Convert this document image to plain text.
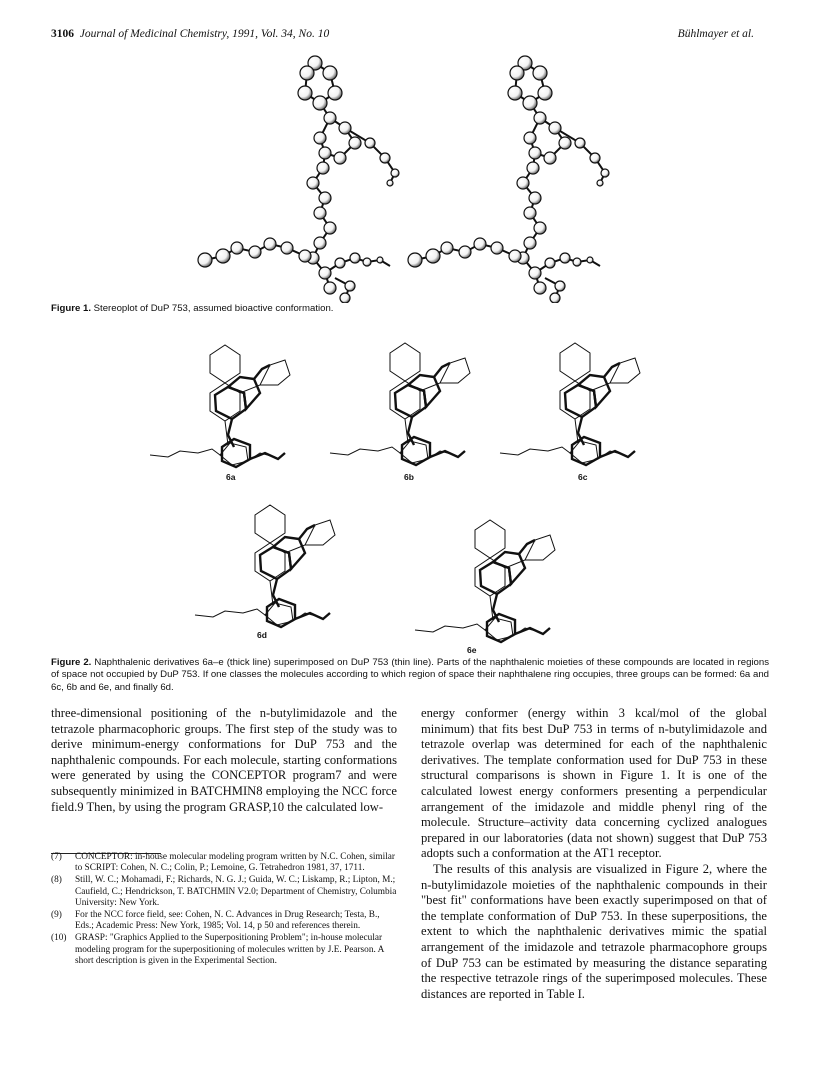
3106 Journal of Medicinal Chemistry, 1991, Vol. 34, No. 10	Bühlmayer et al.
Figure 1. Stereoplot of DuP 753, assumed bioactive conformation.
6a	6b	6c
6d
6e
Figure 2. Naphthalenic derivatives 6a–e (thick line) superimposed on DuP 753 (thin line). Parts of the naphthalenic moieties of these compounds are located in regions of space not occupied by DuP 753. If one classes the molecules according to which region of space their naphthalene ring occupies, three groups can be formed: 6a and 6c, 6b and 6e, and finally 6d.

three-dimensional positioning of the n-butylimidazole and the tetrazole pharmacophoric groups. The first step of the study was to derive minimum-energy conformations for DuP 753 and the naphthalenic compounds. For each molecule, starting conformations were generated by using the CONCEPTOR program7 and were subsequently minimized in BATCHMIN8 employing the NCC force field.9 Then, by using the program GRASP,10 the calculated low-

(7)	CONCEPTOR: in-house molecular modeling program written by N.C. Cohen, similar to SCRIPT: Cohen, N. C.; Colin, P.; Lemoine, G. Tetrahedron 1981, 37, 1711.
(8)	Still, W. C.; Mohamadi, F.; Richards, N. G. J.; Guida, W. C.; Liskamp, R.; Lipton, M.; Caufield, C.; Hendrickson, T. BATCHMIN V2.0; Department of Chemistry, Columbia University: New York.
(9)	For the NCC force field, see: Cohen, N. C. Advances in Drug Research; Testa, B., Eds.; Academic Press: New York, 1985; Vol. 14, p 50 and references therein.
(10) GRASP: "Graphics Applied to the Superpositioning Problem"; in-house molecular modeling program for the superpositioning of molecules written by J.E. Pearson. A short description is given in the Experimental Section.

energy conformer (energy within 3 kcal/mol of the global minimum) that fits best DuP 753 in terms of n-butylimidazole and tetrazole overlap was determined for each of the naphthalenic derivatives. The template conformation used for DuP 753 in these structural comparisons is shown in Figure 1. It is one of the calculated lowest energy conformers presenting a perpendicular arrangement of the imidazole and middle phenyl ring of the molecule. Structure–activity data concerning cyclized analogues prepared in our laboratories (data not shown) suggest that DuP 753 adopts such a conformation at the AT1 receptor.

The results of this analysis are visualized in Figure 2, where the n-butylimidazole moieties of the naphthalenic compounds in their "best fit" conformations have been exactly superimposed on that of the template conformation of DuP 753. In these superpositions, the extent to which the naphthalenic derivatives mimic the spatial arrangement of the imidazole and tetrazole pharmacophore groups of DuP 753 can be estimated by measuring the distance separating the respective tetrazole rings of the superimposed molecules. These distances are reported in Table I.
